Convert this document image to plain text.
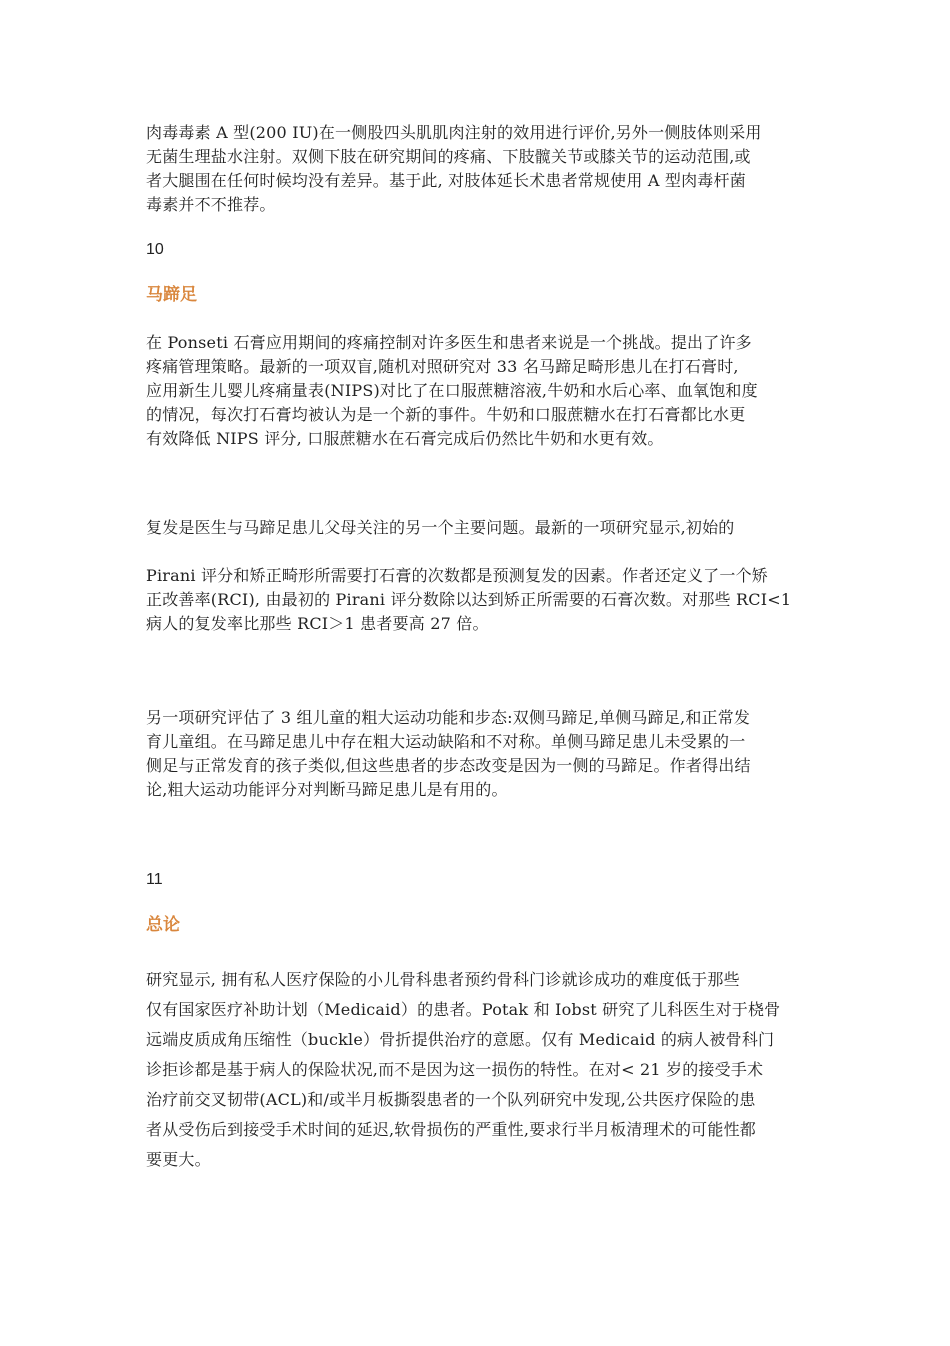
肉毒毒素 A 型(200 IU)在一侧股四头肌肌肉注射的效用进行评价,另外一侧肢体则采用
无菌生理盐水注射。双侧下肢在研究期间的疼痛、下肢髋关节或膝关节的运动范围,或
者大腿围在任何时候均没有差异。基于此, 对肢体延长术患者常规使用 A 型肉毒杆菌
毒素并不不推荐。

10

马蹄足

在 Ponseti 石膏应用期间的疼痛控制对许多医生和患者来说是一个挑战。提出了许多
疼痛管理策略。最新的一项双盲,随机对照研究对 33 名马蹄足畸形患儿在打石膏时,
应用新生儿婴儿疼痛量表(NIPS)对比了在口服蔗糖溶液,牛奶和水后心率、血氧饱和度
的情况，每次打石膏均被认为是一个新的事件。牛奶和口服蔗糖水在打石膏都比水更
有效降低 NIPS 评分, 口服蔗糖水在石膏完成后仍然比牛奶和水更有效。

复发是医生与马蹄足患儿父母关注的另一个主要问题。最新的一项研究显示,初始的

Pirani 评分和矫正畸形所需要打石膏的次数都是预测复发的因素。作者还定义了一个矫
正改善率(RCI), 由最初的 Pirani 评分数除以达到矫正所需要的石膏次数。对那些 RCI<1
病人的复发率比那些 RCI＞1 患者要高 27 倍。

另一项研究评估了 3 组儿童的粗大运动功能和步态:双侧马蹄足,单侧马蹄足,和正常发
育儿童组。在马蹄足患儿中存在粗大运动缺陷和不对称。单侧马蹄足患儿未受累的一
侧足与正常发育的孩子类似,但这些患者的步态改变是因为一侧的马蹄足。作者得出结
论,粗大运动功能评分对判断马蹄足患儿是有用的。

11

总论

研究显示, 拥有私人医疗保险的小儿骨科患者预约骨科门诊就诊成功的难度低于那些
仅有国家医疗补助计划（Medicaid）的患者。Potak 和 Iobst 研究了儿科医生对于桡骨
远端皮质成角压缩性（buckle）骨折提供治疗的意愿。仅有 Medicaid 的病人被骨科门
诊拒诊都是基于病人的保险状况,而不是因为这一损伤的特性。在对< 21 岁的接受手术
治疗前交叉韧带(ACL)和/或半月板撕裂患者的一个队列研究中发现,公共医疗保险的患
者从受伤后到接受手术时间的延迟,软骨损伤的严重性,要求行半月板清理术的可能性都
要更大。
